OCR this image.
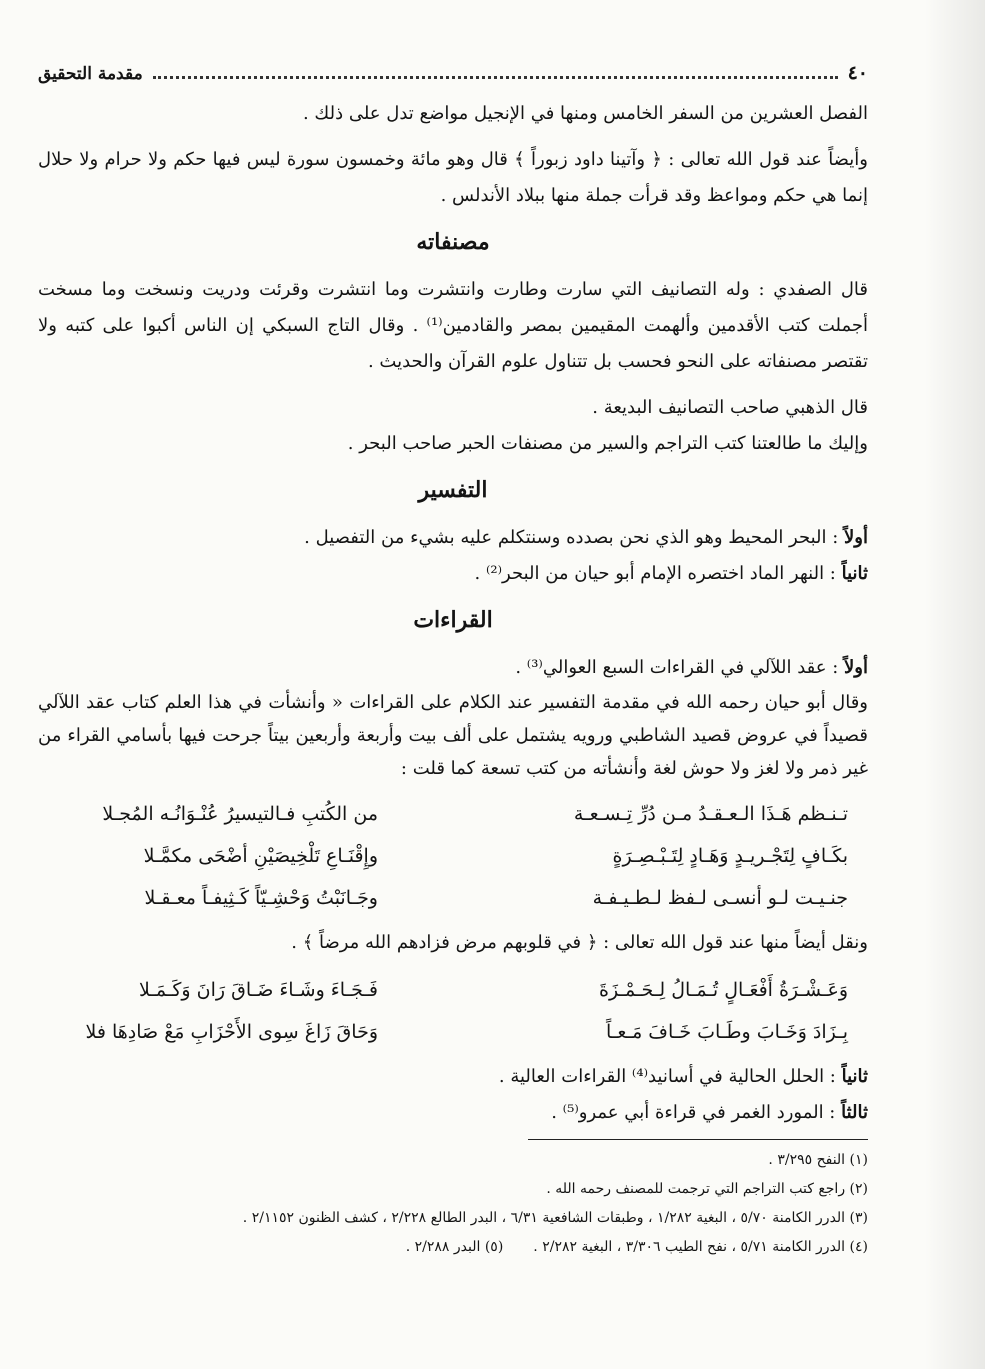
٤٠
مقدمة التحقيق

الفصل العشرين من السفر الخامس ومنها في الإنجيل مواضع تدل على ذلك .

وأيضاً عند قول الله تعالى : ﴿ وآتينا داود زبوراً ﴾ قال وهو مائة وخمسون سورة ليس فيها حكم ولا حرام ولا حلال إنما هي حكم ومواعظ وقد قرأت جملة منها ببلاد الأندلس .

مصنفاته

قال الصفدي : وله التصانيف التي سارت وطارت وانتشرت وما انتشرت وقرئت ودريت ونسخت وما مسخت أجملت كتب الأقدمين وألهمت المقيمين بمصر والقادمين⁽¹⁾ . وقال التاج السبكي إن الناس أكبوا على كتبه ولا تقتصر مصنفاته على النحو فحسب بل تتناول علوم القرآن والحديث .

قال الذهبي صاحب التصانيف البديعة .

وإليك ما طالعتنا كتب التراجم والسير من مصنفات الحبر صاحب البحر .

التفسير

أولاً : البحر المحيط وهو الذي نحن بصدده وسنتكلم عليه بشيء من التفصيل .

ثانياً : النهر الماد اختصره الإمام أبو حيان من البحر⁽²⁾ .

القراءات

أولاً : عقد اللآلي في القراءات السبع العوالي⁽³⁾ .

وقال أبو حيان رحمه الله في مقدمة التفسير عند الكلام على القراءات « وأنشأت في هذا العلم كتاب عقد اللآلي قصيداً في عروض قصيد الشاطبي ورويه يشتمل على ألف بيت وأربعة وأربعين بيتاً جرحت فيها بأسامي القراء من غير ذمر ولا لغز ولا حوش لغة وأنشأته من كتب تسعة كما قلت :

تـنـظم هَـذَا الـعـقـدُ مـن دُرِّ تِـسـعـة
من الكُتبِ فـالتيسيرُ عُنْـوَانُـه المُجـلا
بكَـافٍ لِتَجْـريـدٍ وَهَـادٍ لِتَـبْـصِـرَةٍ
وإِقْنَـاعِ تَلْخِيصَيْنِ أضْحَى مكمَّـلا
جنـيـت لـو أنسـى لـفظ لـطـيـفـة
وجَـانَبْتُ وَحْشِـيّاً كَـثِيفـاً معـقـلا

ونقل أيضاً منها عند قول الله تعالى : ﴿ في قلوبهم مرض فزادهم الله مرضاً ﴾ .

وَعَـشْـرَةُ أَفْعَـالٍ تُـمَـالُ لِـحَـمْـزَةَ
فَـجَـاءَ وشَـاءَ ضَـاقَ رَانَ وَكَـمَـلا
بِـزَادَ وَخَـابَ وطَـابَ خَـافَ مَـعـاً
وَحَاقَ زَاغَ سِوى الأَحْزَابِ مَعْ صَادِهَا فلا

ثانياً : الحلل الحالية في أسانيد⁽⁴⁾ القراءات العالية .

ثالثاً : المورد الغمر في قراءة أبي عمرو⁽⁵⁾ .

(١) النفح ٣/٢٩٥ .

(٢) راجع كتب التراجم التي ترجمت للمصنف رحمه الله .

(٣) الدرر الكامنة ٥/٧٠ ، البغية ١/٢٨٢ ، وطبقات الشافعية ٦/٣١ ، البدر الطالع ٢/٢٢٨ ، كشف الظنون ٢/١١٥٢ .

(٤) الدرر الكامنة ٥/٧١ ، نفح الطيب ٣/٣٠٦ ، البغية ٢/٢٨٢ .
(٥) البدر ٢/٢٨٨ .
